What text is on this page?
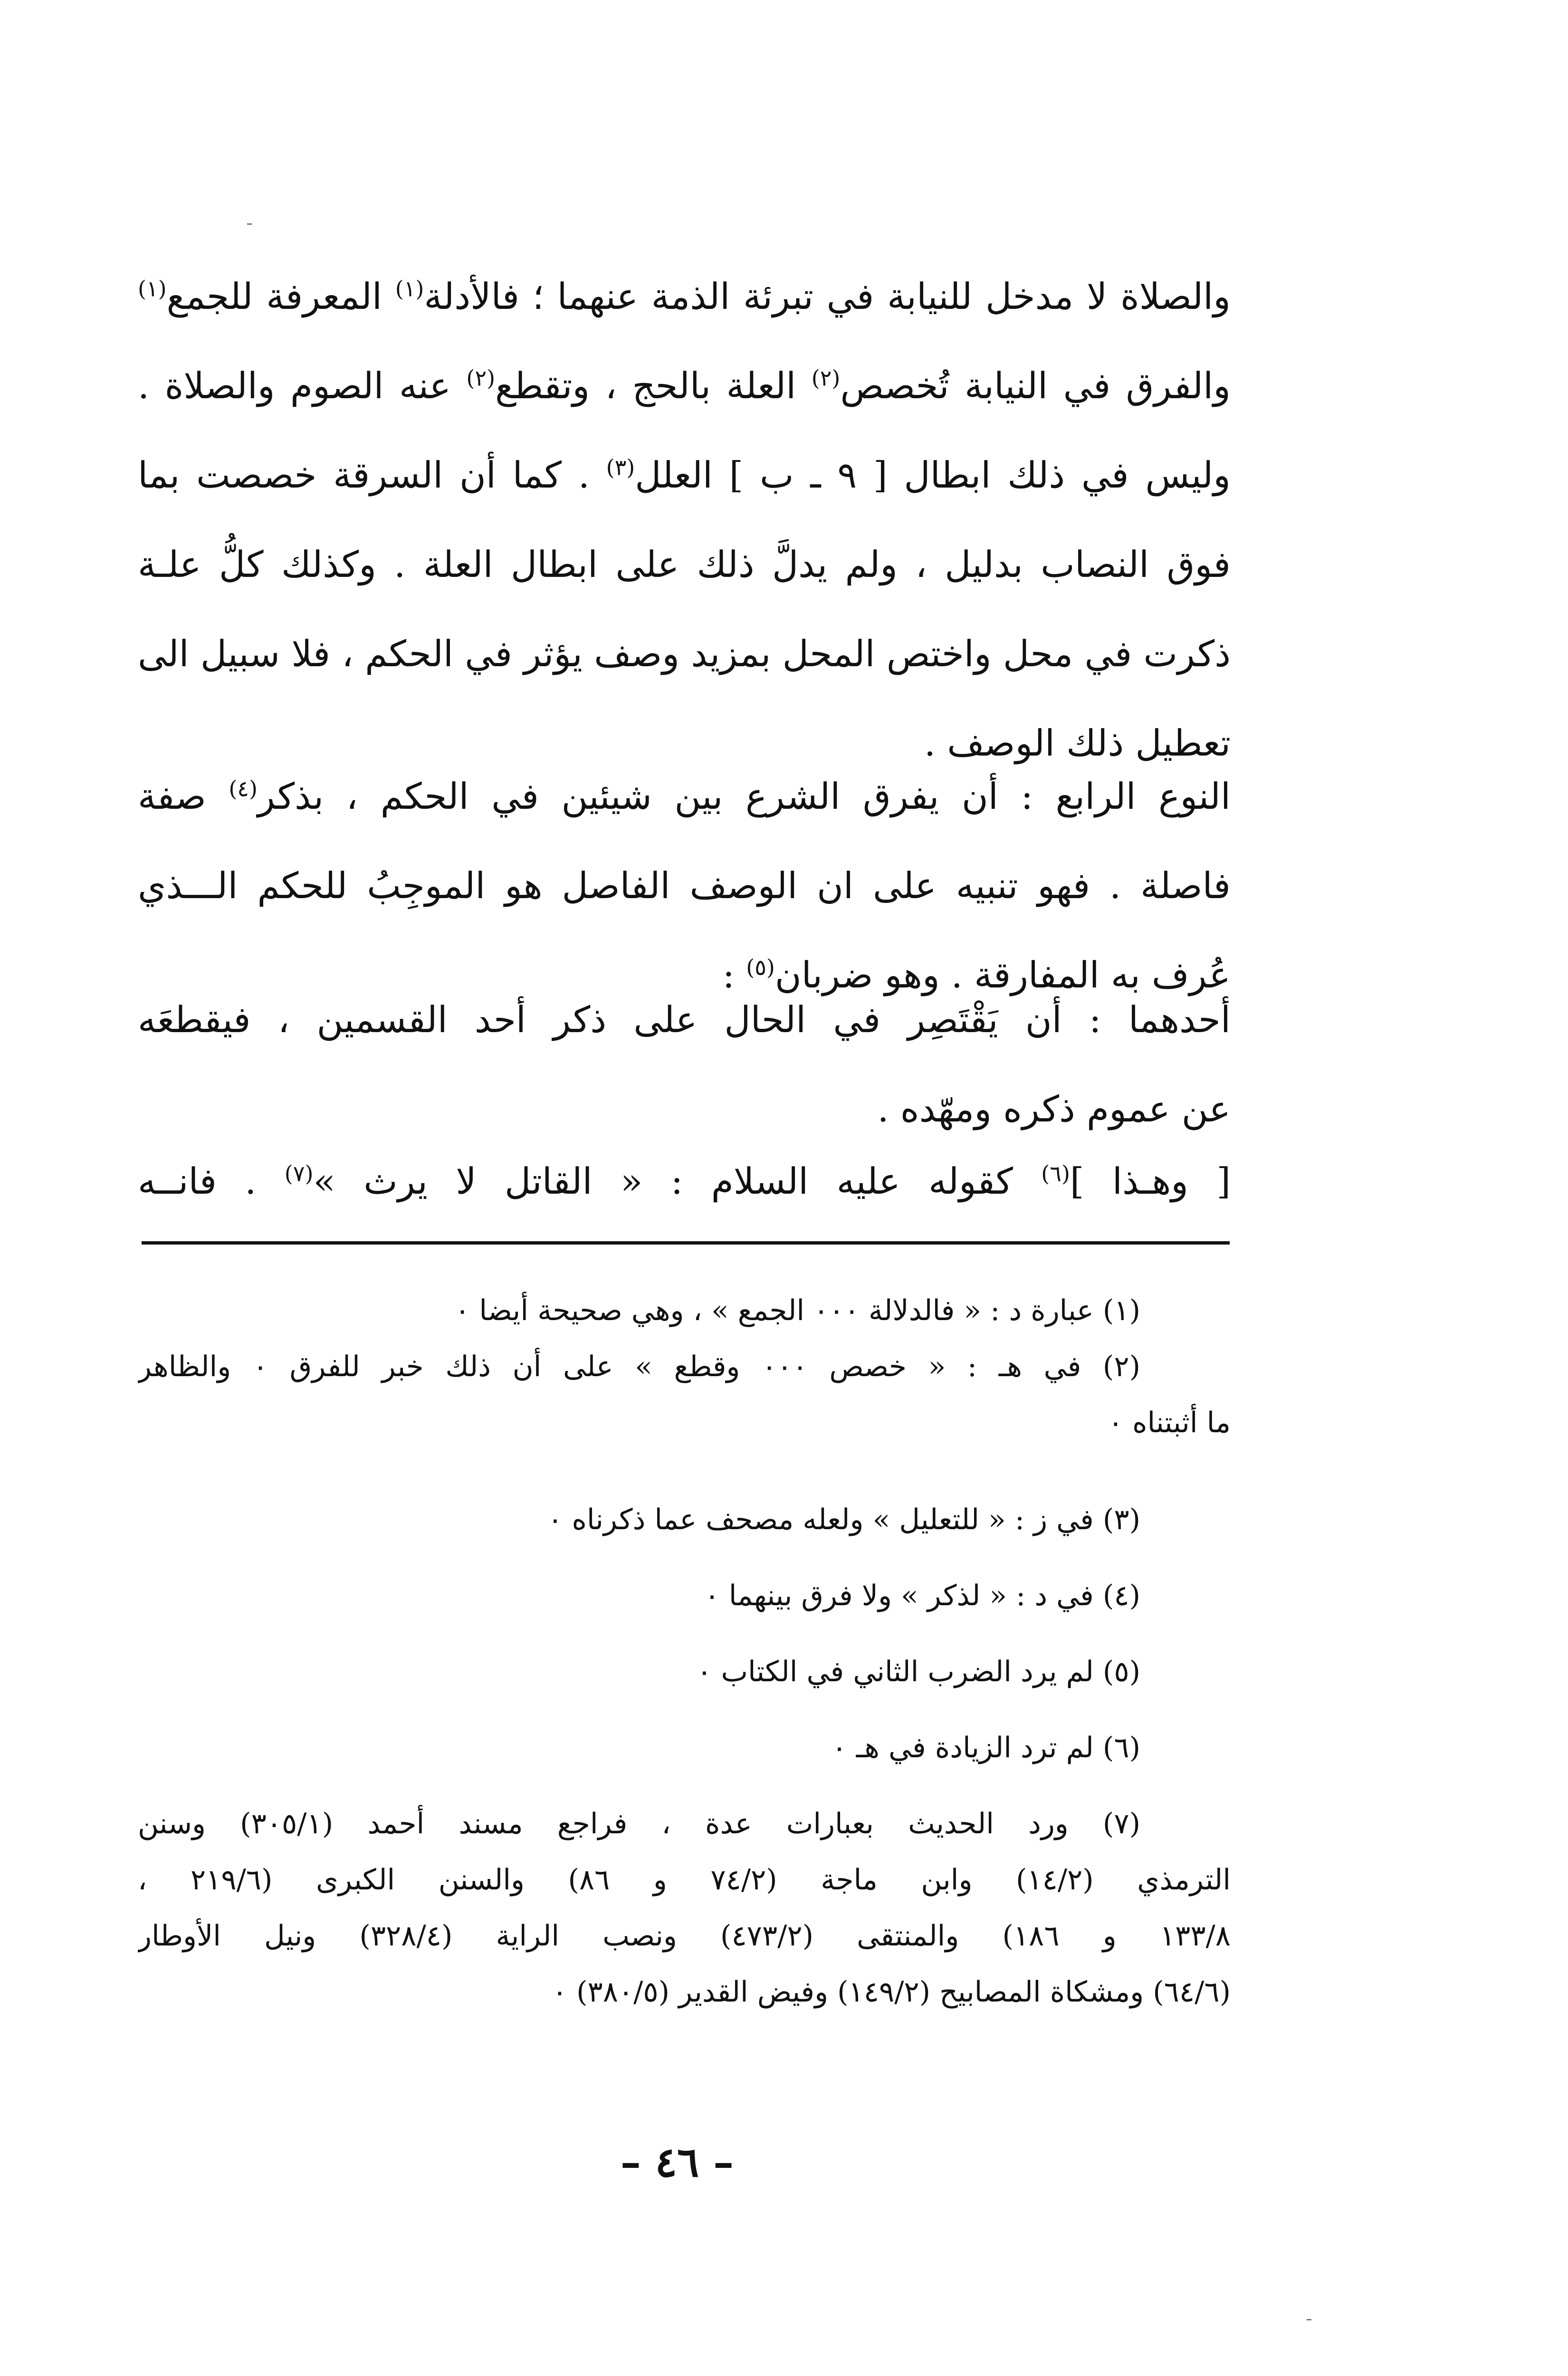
والصلاة لا مدخل للنيابة في تبرئة الذمة عنهما ؛ فالأدلة$^{(١)}$ المعرفة للجمع$^{(١)}$
والفرق في النيابة تُخصص$^{(٢)}$ العلة بالحج ، وتقطع$^{(٢)}$ عنه الصوم والصلاة .
وليس في ذلك ابطال [ ٩ ـ ب ] العلل$^{(٣)}$ . كما أن السرقة خصصت بما
فوق النصاب بدليل ، ولم يدلَّ ذلك على ابطال العلة . وكذلك كلُّ علـة
ذكرت في محل واختص المحل بمزيد وصف يؤثر في الحكم ، فلا سبيل الى
تعطيل ذلك الوصف .
النوع الرابع : أن يفرق الشرع بين شيئين في الحكم ، بذكر$^{(٤)}$ صفة
فاصلة . فهو تنبيه على ان الوصف الفاصل هو الموجِبُ للحكم الـــذي
عُرف به المفارقة . وهو ضربان$^{(٥)}$ :
أحدهما : أن يَقْتَصِر في الحال على ذكر أحد القسمين ، فيقطعَه
عن عموم ذكره ومهّده .
[ وهـذا ]$^{(٦)}$ كقوله عليه السلام : « القاتل لا يرث »$^{(٧)}$ . فانــه
(١) عبارة د : « فالدلالة ٠٠٠ الجمع » ، وهي صحيحة أيضا ٠
(٢) في هـ : « خصص ٠٠٠ وقطع » على أن ذلك خبر للفرق ٠ والظاهر
ما أثبتناه ٠
(٣) في ز : « للتعليل » ولعله مصحف عما ذكرناه ٠
(٤) في د : « لذكر » ولا فرق بينهما ٠
(٥) لم يرد الضرب الثاني في الكتاب ٠
(٦) لم ترد الزيادة في هـ ٠
(٧) ورد الحديث بعبارات عدة ، فراجع مسند أحمد (٣٠٥/١) وسنن
الترمذي (١٤/٢) وابن ماجة (٧٤/٢ و ٨٦) والسنن الكبرى (٢١٩/٦ ،
١٣٣/٨ و ١٨٦) والمنتقى (٤٧٣/٢) ونصب الراية (٣٢٨/٤) ونيل الأوطار
(٦٤/٦) ومشكاة المصابيح (١٤٩/٢) وفيض القدير (٣٨٠/٥) ٠
– ٤٦ –
